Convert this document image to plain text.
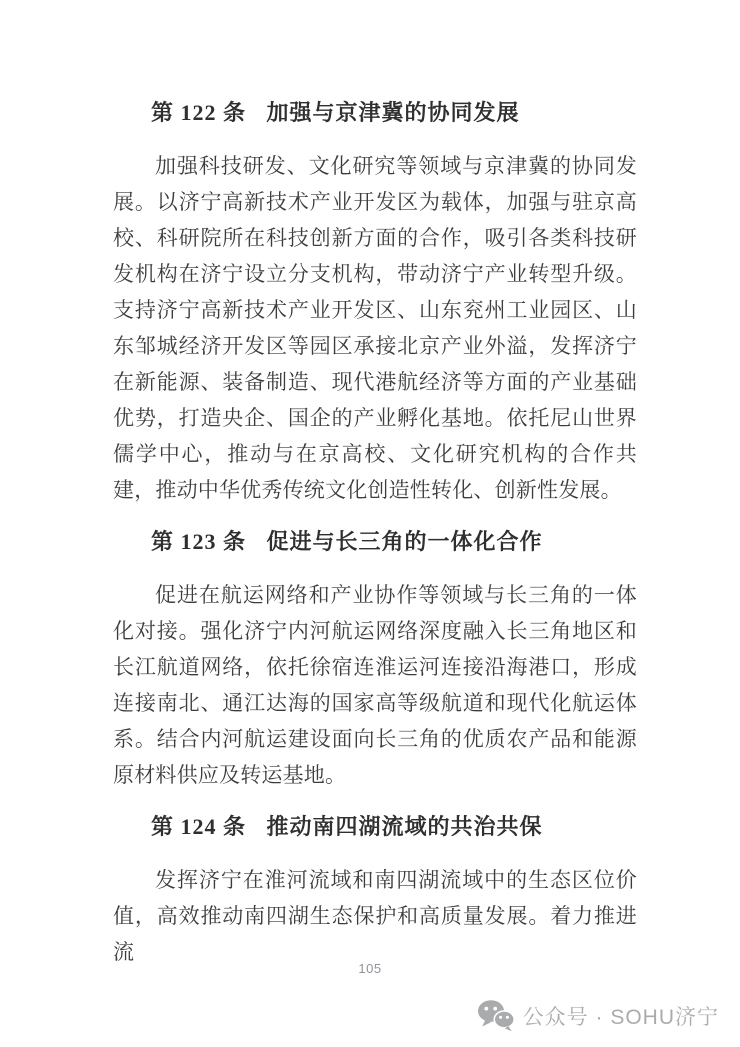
第 122 条 加强与京津冀的协同发展

加强科技研发、文化研究等领域与京津冀的协同发展。以济宁高新技术产业开发区为载体，加强与驻京高校、科研院所在科技创新方面的合作，吸引各类科技研发机构在济宁设立分支机构，带动济宁产业转型升级。支持济宁高新技术产业开发区、山东兖州工业园区、山东邹城经济开发区等园区承接北京产业外溢，发挥济宁在新能源、装备制造、现代港航经济等方面的产业基础优势，打造央企、国企的产业孵化基地。依托尼山世界儒学中心，推动与在京高校、文化研究机构的合作共建，推动中华优秀传统文化创造性转化、创新性发展。

第 123 条 促进与长三角的一体化合作

促进在航运网络和产业协作等领域与长三角的一体化对接。强化济宁内河航运网络深度融入长三角地区和长江航道网络，依托徐宿连淮运河连接沿海港口，形成连接南北、通江达海的国家高等级航道和现代化航运体系。结合内河航运建设面向长三角的优质农产品和能源原材料供应及转运基地。

第 124 条 推动南四湖流域的共治共保

发挥济宁在淮河流域和南四湖流域中的生态区位价值，高效推动南四湖生态保护和高质量发展。着力推进流

105
公众号 · SOHU济宁
